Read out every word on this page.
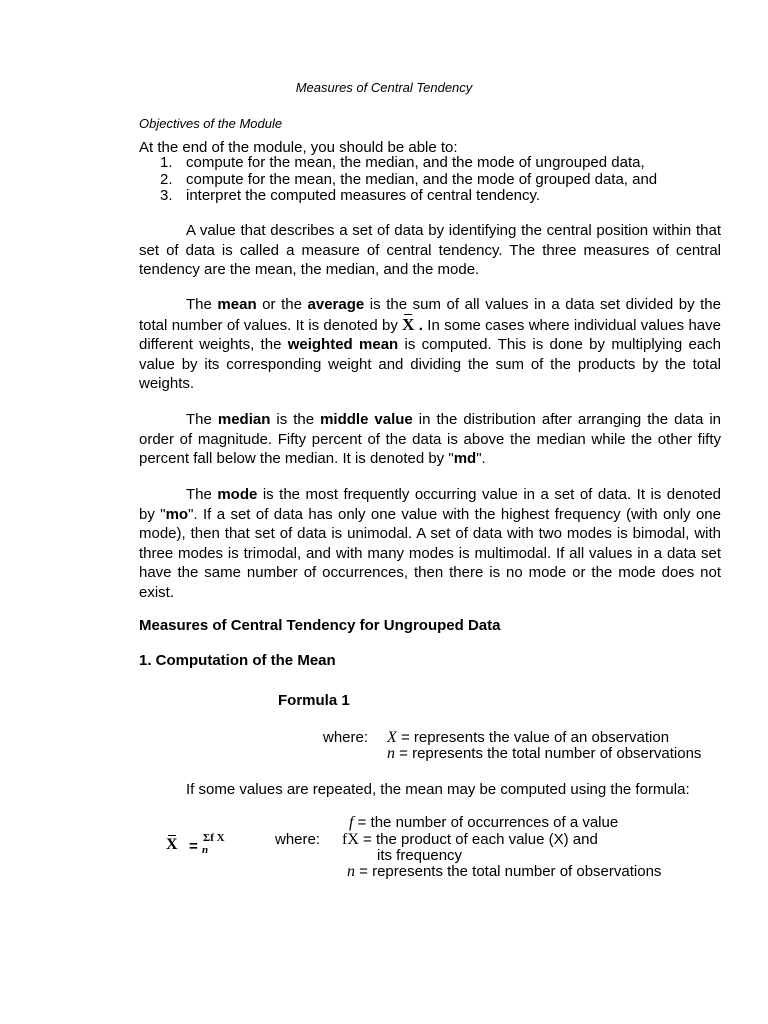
Measures of Central Tendency
Objectives of the Module
At the end of the module, you should be able to:
1. compute for the mean, the median, and the mode of ungrouped data,
2. compute for the mean, the median, and the mode of grouped data, and
3. interpret the computed measures of central tendency.
A value that describes a set of data by identifying the central position within that set of data is called a measure of central tendency. The three measures of central tendency are the mean, the median, and the mode.
The mean or the average is the sum of all values in a data set divided by the total number of values. It is denoted by X . In some cases where individual values have different weights, the weighted mean is computed. This is done by multiplying each value by its corresponding weight and dividing the sum of the products by the total weights.
The median is the middle value in the distribution after arranging the data in order of magnitude. Fifty percent of the data is above the median while the other fifty percent fall below the median. It is denoted by "md".
The mode is the most frequently occurring value in a set of data. It is denoted by "mo". If a set of data has only one value with the highest frequency (with only one mode), then that set of data is unimodal. A set of data with two modes is bimodal, with three modes is trimodal, and with many modes is multimodal. If all values in a data set have the same number of occurrences, then there is no mode or the mode does not exist.
Measures of Central Tendency for Ungrouped Data
1. Computation of the Mean
Formula 1
where: X = represents the value of an observation
n = represents the total number of observations
If some values are repeated, the mean may be computed using the formula:
X = Σf X
n
where:
f = the number of occurrences of a value
fX = the product of each value (X) and
its frequency
n = represents the total number of observations
